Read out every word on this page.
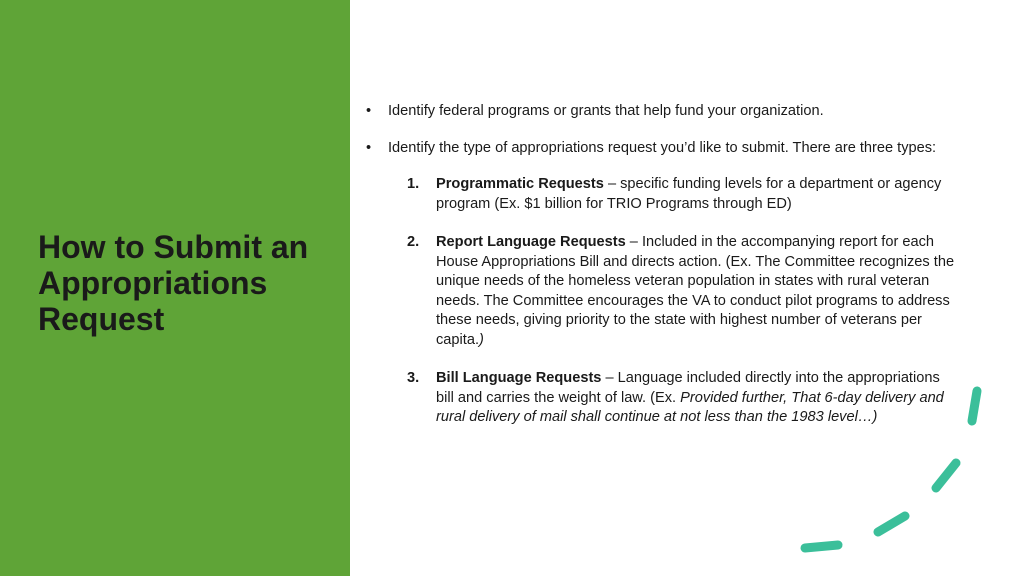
How to Submit an Appropriations Request
•	Identify federal programs or grants that help fund your organization.
•	Identify the type of appropriations request you’d like to submit. There are three types:
1.	Programmatic Requests – specific funding levels for a department or agency program (Ex. $1 billion for TRIO Programs through ED)
2.	Report Language Requests – Included in the accompanying report for each House Appropriations Bill and directs action. (Ex. The Committee recognizes the unique needs of the homeless veteran population in states with rural veteran needs. The Committee encourages the VA to conduct pilot programs to address these needs, giving priority to the state with highest number of veterans per capita.)
3.	Bill Language Requests – Language included directly into the appropriations bill and carries the weight of law. (Ex. Provided further, That 6-day delivery and rural delivery of mail shall continue at not less than the 1983 level…)
